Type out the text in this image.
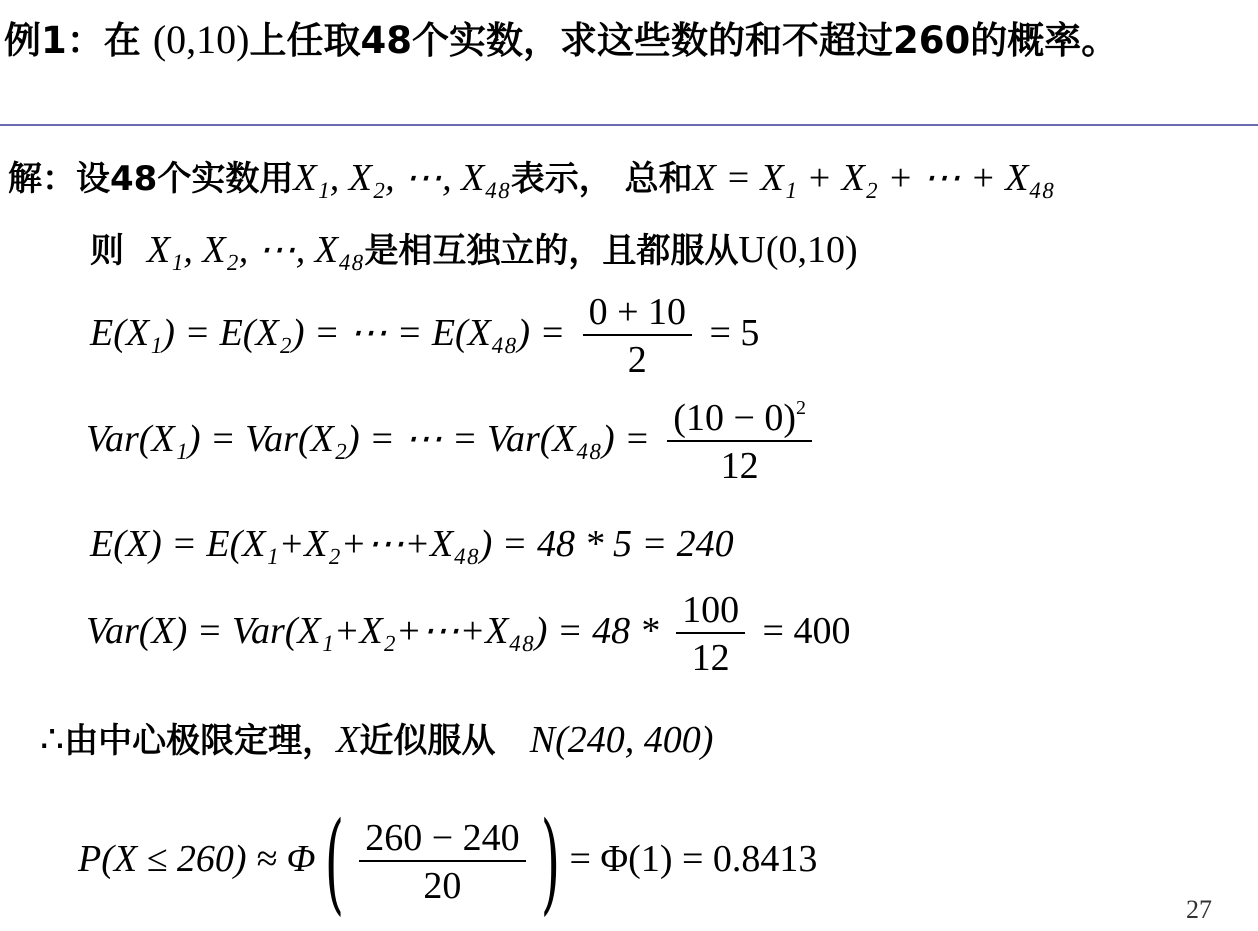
例1：在 (0,10)上任取48个实数，求这些数的和不超过260的概率。
解：设48个实数用X₁, X₂, ⋯, X₄₈表示， 总和X = X₁ + X₂ + ⋯ + X₄₈
则 X₁, X₂, ⋯, X₄₈是相互独立的，且都服从U(0,10)
E(X₁) = E(X₂) = ⋯ = $E(X_{48}) = \frac{0 + 10}{2} = 5$
Var(X₁) = Var(X₂) = ⋯ = $Var(X_{48}) = \frac{(10 - 0)^2}{12}$
E(X) = E(X₁+X₂+⋯+X₄₈) = 48 * 5 = 240
Var(X) = Var(X₁+X₂+⋯+X₄₈) = $48 * \frac{100}{12} = 400$
∴由中心极限定理，X近似服从 N(240, 400)
P(X ≤ 260) ≈ Φ ( $\frac{260 - 240}{20}$ ) = Φ(1) = 0.8413
27
